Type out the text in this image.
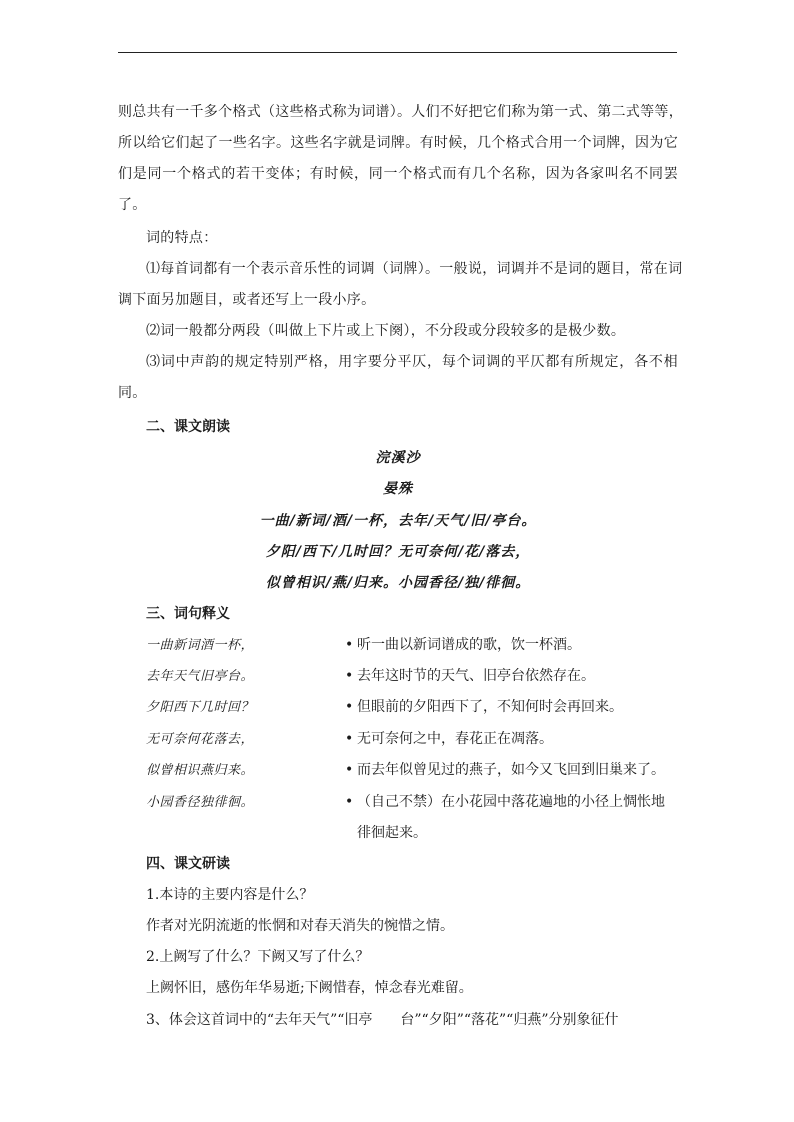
则总共有一千多个格式（这些格式称为词谱）。人们不好把它们称为第一式、第二式等等，
所以给它们起了一些名字。这些名字就是词牌。有时候，几个格式合用一个词牌，因为它
们是同一个格式的若干变体；有时候，同一个格式而有几个名称，因为各家叫名不同罢
了。
词的特点：
⑴每首词都有一个表示音乐性的词调（词牌）。一般说，词调并不是词的题目，常在词
调下面另加题目，或者还写上一段小序。
⑵词一般都分两段（叫做上下片或上下阕），不分段或分段较多的是极少数。
⑶词中声韵的规定特别严格，用字要分平仄，每个词调的平仄都有所规定，各不相
同。
二、课文朗读
浣溪沙
晏殊
一曲/新词/酒/一杯，去年/天气/旧/亭台。
夕阳/西下/几时回？无可奈何/花/落去，
似曾相识/燕/归来。小园香径/独/徘徊。
三、词句释义
一曲新词酒一杯，	• 听一曲以新词谱成的歌，饮一杯酒。
去年天气旧亭台。	• 去年这时节的天气、旧亭台依然存在。
夕阳西下几时回？	• 但眼前的夕阳西下了，不知何时会再回来。
无可奈何花落去，	• 无可奈何之中，春花正在凋落。
似曾相识燕归来。	• 而去年似曾见过的燕子，如今又飞回到旧巢来了。
小园香径独徘徊。	• （自己不禁）在小花园中落花遍地的小径上惆怅地
徘徊起来。
四、课文研读
1.本诗的主要内容是什么？
作者对光阴流逝的怅惘和对春天消失的惋惜之情。
2.上阙写了什么？下阙又写了什么？
上阙怀旧，感伤年华易逝;下阙惜春，悼念春光难留。
3、体会这首词中的“去年天气”“旧亭　　台”“夕阳”“落花”“归燕”分别象征什
